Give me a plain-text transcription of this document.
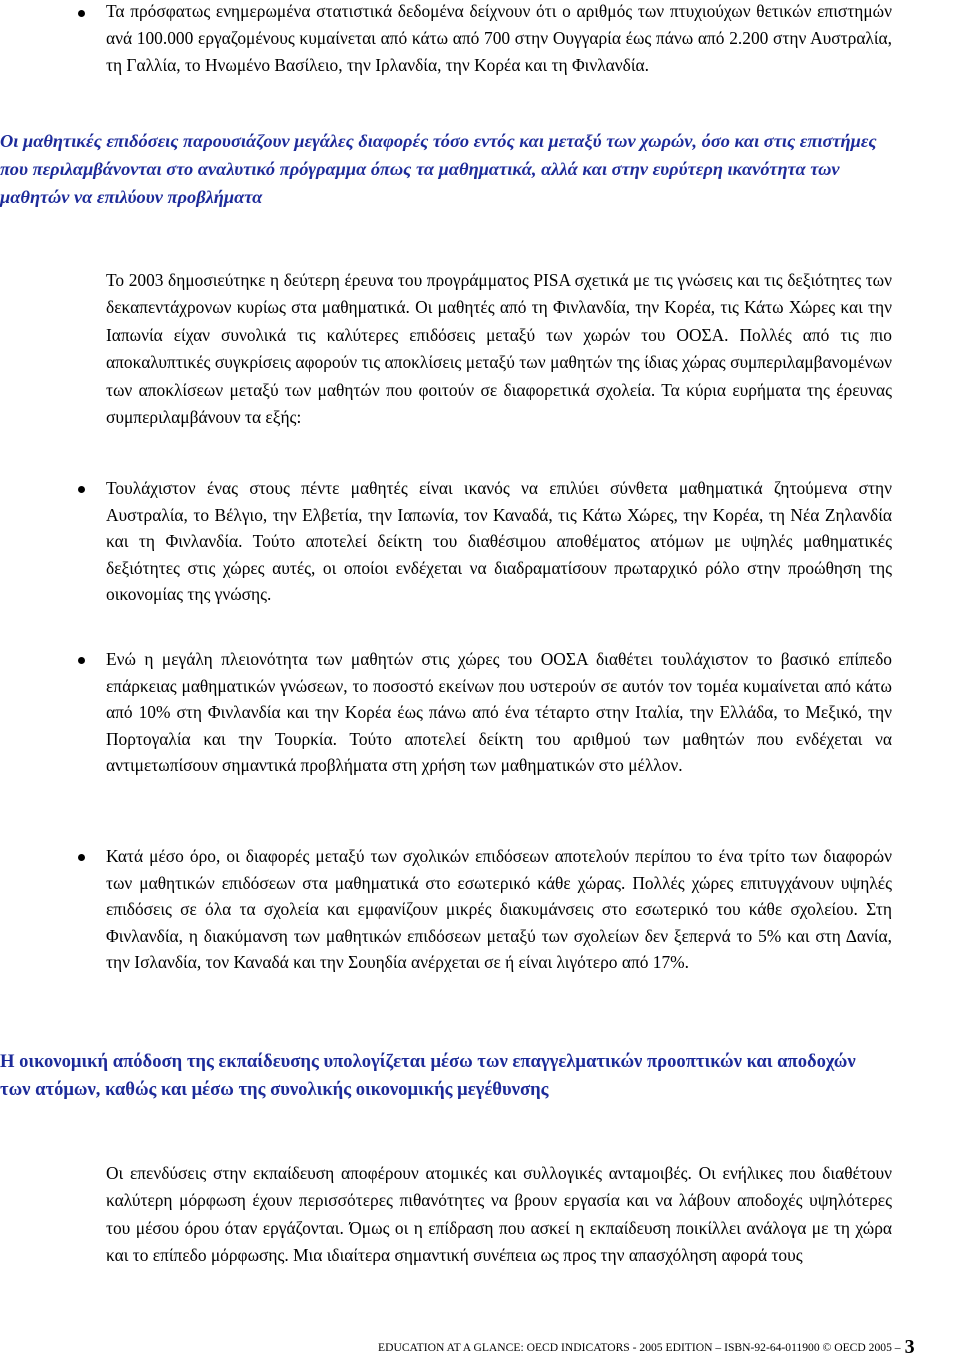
Τα πρόσφατως ενημερωμένα στατιστικά δεδομένα δείχνουν ότι ο αριθμός των πτυχιούχων θετικών επιστημών ανά 100.000 εργαζομένους κυμαίνεται από κάτω από 700 στην Ουγγαρία έως πάνω από 2.200 στην Αυστραλία, τη Γαλλία, το Ηνωμένο Βασίλειο, την Ιρλανδία, την Κορέα και τη Φινλανδία.
Οι μαθητικές επιδόσεις παρουσιάζουν μεγάλες διαφορές τόσο εντός και μεταξύ των χωρών, όσο και στις επιστήμες που περιλαμβάνονται στο αναλυτικό πρόγραμμα όπως τα μαθηματικά, αλλά και στην ευρύτερη ικανότητα των μαθητών να επιλύουν προβλήματα
Το 2003 δημοσιεύτηκε η δεύτερη έρευνα του προγράμματος PISA σχετικά με τις γνώσεις και τις δεξιότητες των δεκαπεντάχρονων κυρίως στα μαθηματικά. Οι μαθητές από τη Φινλανδία, την Κορέα, τις Κάτω Χώρες και την Ιαπωνία είχαν συνολικά τις καλύτερες επιδόσεις μεταξύ των χωρών του ΟΟΣΑ. Πολλές από τις πιο αποκαλυπτικές συγκρίσεις αφορούν τις αποκλίσεις μεταξύ των μαθητών της ίδιας χώρας συμπεριλαμβανομένων των αποκλίσεων μεταξύ των μαθητών που φοιτούν σε διαφορετικά σχολεία. Τα κύρια ευρήματα της έρευνας συμπεριλαμβάνουν τα εξής:
Τουλάχιστον ένας στους πέντε μαθητές είναι ικανός να επιλύει σύνθετα μαθηματικά ζητούμενα στην Αυστραλία, το Βέλγιο, την Ελβετία, την Ιαπωνία, τον Καναδά, τις Κάτω Χώρες, την Κορέα, τη Νέα Ζηλανδία και τη Φινλανδία. Τούτο αποτελεί δείκτη του διαθέσιμου αποθέματος ατόμων με υψηλές μαθηματικές δεξιότητες στις χώρες αυτές, οι οποίοι ενδέχεται να διαδραματίσουν πρωταρχικό ρόλο στην προώθηση της οικονομίας της γνώσης.
Ενώ η μεγάλη πλειονότητα των μαθητών στις χώρες του ΟΟΣΑ διαθέτει τουλάχιστον το βασικό επίπεδο επάρκειας μαθηματικών γνώσεων, το ποσοστό εκείνων που υστερούν σε αυτόν τον τομέα κυμαίνεται από κάτω από 10% στη Φινλανδία και την Κορέα έως πάνω από ένα τέταρτο στην Ιταλία, την Ελλάδα, το Μεξικό, την Πορτογαλία και την Τουρκία. Τούτο αποτελεί δείκτη του αριθμού των μαθητών που ενδέχεται να αντιμετωπίσουν σημαντικά προβλήματα στη χρήση των μαθηματικών στο μέλλον.
Κατά μέσο όρο, οι διαφορές μεταξύ των σχολικών επιδόσεων αποτελούν περίπου το ένα τρίτο των διαφορών των μαθητικών επιδόσεων στα μαθηματικά στο εσωτερικό κάθε χώρας. Πολλές χώρες επιτυγχάνουν υψηλές επιδόσεις σε όλα τα σχολεία και εμφανίζουν μικρές διακυμάνσεις στο εσωτερικό του κάθε σχολείου. Στη Φινλανδία, η διακύμανση των μαθητικών επιδόσεων μεταξύ των σχολείων δεν ξεπερνά το 5% και στη Δανία, την Ισλανδία, τον Καναδά και την Σουηδία ανέρχεται σε ή είναι λιγότερο από 17%.
Η οικονομική απόδοση της εκπαίδευσης υπολογίζεται μέσω των επαγγελματικών προοπτικών και αποδοχών των ατόμων, καθώς και μέσω της συνολικής οικονομικής μεγέθυνσης
Οι επενδύσεις στην εκπαίδευση αποφέρουν ατομικές και συλλογικές ανταμοιβές. Οι ενήλικες που διαθέτουν καλύτερη μόρφωση έχουν περισσότερες πιθανότητες να βρουν εργασία και να λάβουν αποδοχές υψηλότερες του μέσου όρου όταν εργάζονται. Όμως οι η επίδραση που ασκεί η εκπαίδευση ποικίλλει ανάλογα με τη χώρα και το επίπεδο μόρφωσης. Μια ιδιαίτερα σημαντική συνέπεια ως προς την απασχόληση αφορά τους
EDUCATION AT A GLANCE: OECD INDICATORS - 2005 EDITION – ISBN-92-64-011900 © OECD 2005 – 3
